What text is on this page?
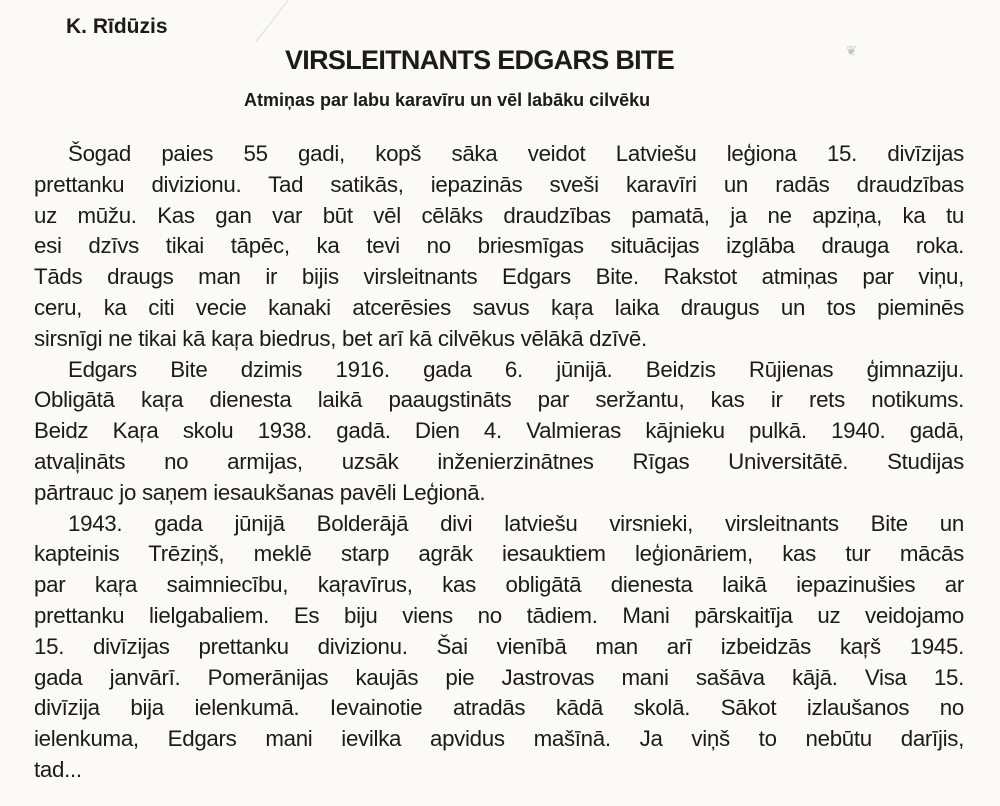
❦
K. Rīdūzis
VIRSLEITNANTS EDGARS BITE
Atmiņas par labu karavīru un vēl labāku cilvēku
Šogad paies 55 gadi, kopš sāka veidot Latviešu leģiona 15. divīzijas
prettanku divizionu. Tad satikās, iepazinās sveši karavīri un radās draudzības
uz mūžu. Kas gan var būt vēl cēlāks draudzības pamatā, ja ne apziņa, ka tu
esi dzīvs tikai tāpēc, ka tevi no briesmīgas situācijas izglāba drauga roka.
Tāds draugs man ir bijis virsleitnants Edgars Bite. Rakstot atmiņas par viņu,
ceru, ka citi vecie kanaki atcerēsies savus kaŗa laika draugus un tos pieminēs
sirsnīgi ne tikai kā kaŗa biedrus, bet arī kā cilvēkus vēlākā dzīvē.
Edgars Bite dzimis 1916. gada 6. jūnijā. Beidzis Rūjienas ģimnaziju.
Obligātā kaŗa dienesta laikā paaugstināts par seržantu, kas ir rets notikums.
Beidz Kaŗa skolu 1938. gadā. Dien 4. Valmieras kājnieku pulkā. 1940. gadā,
atvaļināts no armijas, uzsāk inženierzinātnes Rīgas Universitātē. Studijas
pārtrauc jo saņem iesaukšanas pavēli Leģionā.
1943. gada jūnijā Bolderājā divi latviešu virsnieki, virsleitnants Bite un
kapteinis Trēziņš, meklē starp agrāk iesauktiem leģionāriem, kas tur mācās
par kaŗa saimniecību, kaŗavīrus, kas obligātā dienesta laikā iepazinušies ar
prettanku lielgabaliem. Es biju viens no tādiem. Mani pārskaitīja uz veidojamo
15. divīzijas prettanku divizionu. Šai vienībā man arī izbeidzās kaŗš 1945.
gada janvārī. Pomerānijas kaujās pie Jastrovas mani sašāva kājā. Visa 15.
divīzija bija ielenkumā. Ievainotie atradās kādā skolā. Sākot izlaušanos no
ielenkuma, Edgars mani ievilka apvidus mašīnā. Ja viņš to nebūtu darījis,
tad...
